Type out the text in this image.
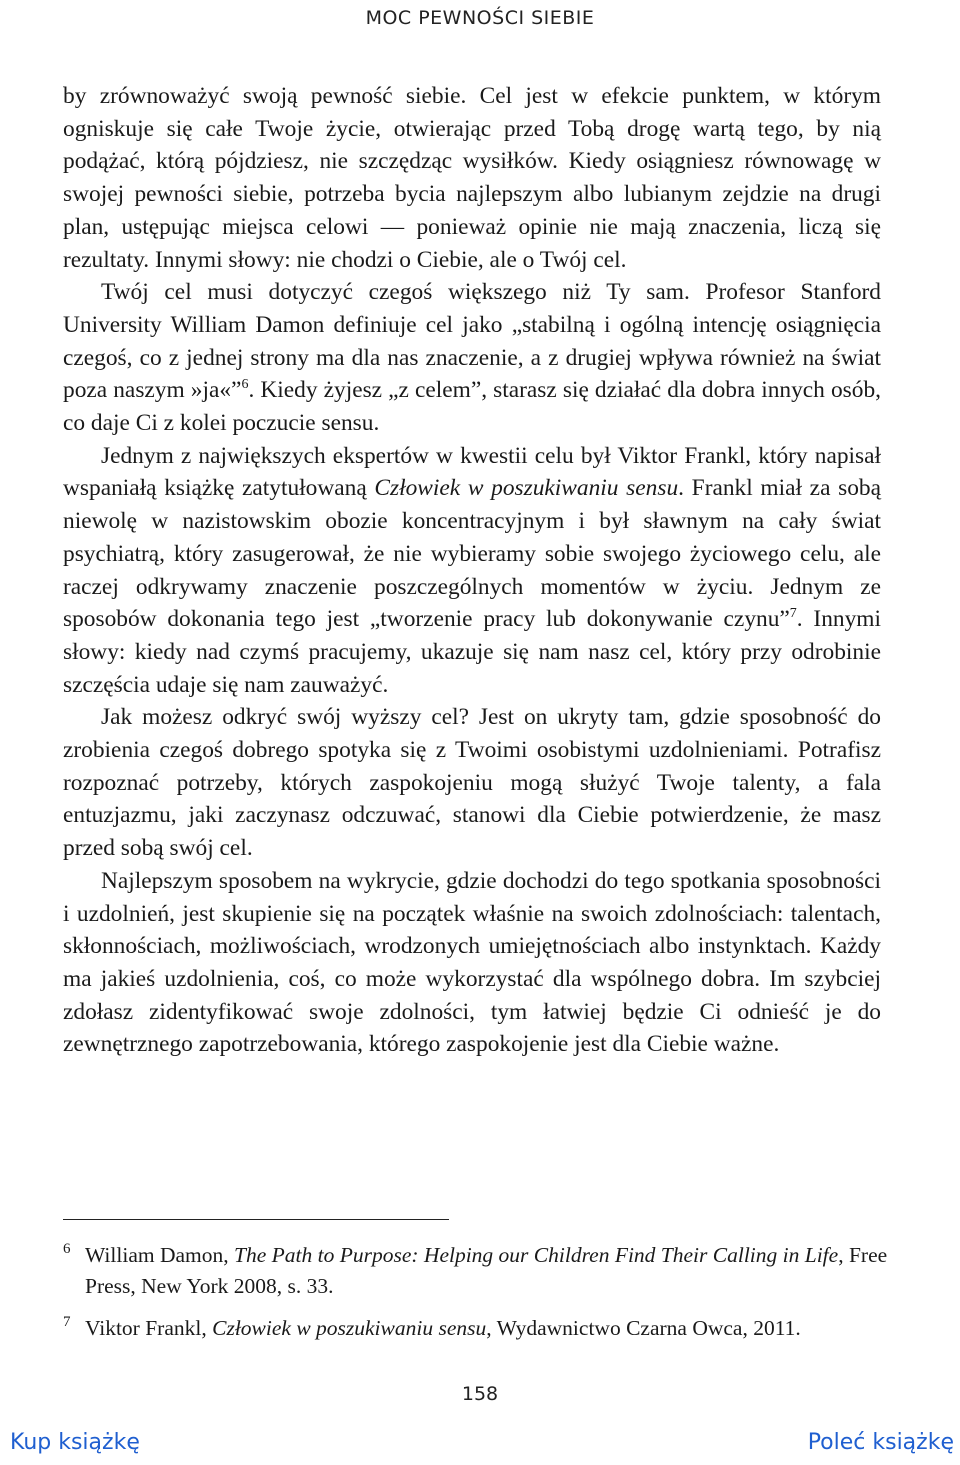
MOC PEWNOŚCI SIEBIE

by zrównoważyć swoją pewność siebie. Cel jest w efekcie punktem, w którym ogniskuje się całe Twoje życie, otwierając przed Tobą drogę wartą tego, by nią podążać, którą pójdziesz, nie szczędząc wysiłków. Kiedy osiągniesz równowagę w swojej pewności siebie, potrzeba bycia najlepszym albo lubianym zejdzie na drugi plan, ustępując miejsca celowi — ponieważ opinie nie mają znaczenia, liczą się rezultaty. Innymi słowy: nie chodzi o Ciebie, ale o Twój cel.

Twój cel musi dotyczyć czegoś większego niż Ty sam. Profesor Stanford University William Damon definiuje cel jako „stabilną i ogólną intencję osiągnięcia czegoś, co z jednej strony ma dla nas znaczenie, a z drugiej wpływa również na świat poza naszym »ja«”$^6$. Kiedy żyjesz „z celem”, starasz się działać dla dobra innych osób, co daje Ci z kolei poczucie sensu.

Jednym z największych ekspertów w kwestii celu był Viktor Frankl, który napisał wspaniałą książkę zatytułowaną Człowiek w poszukiwaniu sensu. Frankl miał za sobą niewolę w nazistowskim obozie koncentracyjnym i był sławnym na cały świat psychiatrą, który zasugerował, że nie wybieramy sobie swojego życiowego celu, ale raczej odkrywamy znaczenie poszczególnych momentów w życiu. Jednym ze sposobów dokonania tego jest „tworzenie pracy lub dokonywanie czynu”$^7$. Innymi słowy: kiedy nad czymś pracujemy, ukazuje się nam nasz cel, który przy odrobinie szczęścia udaje się nam zauważyć.

Jak możesz odkryć swój wyższy cel? Jest on ukryty tam, gdzie sposobność do zrobienia czegoś dobrego spotyka się z Twoimi osobistymi uzdolnieniami. Potrafisz rozpoznać potrzeby, których zaspokojeniu mogą służyć Twoje talenty, a fala entuzjazmu, jaki zaczynasz odczuwać, stanowi dla Ciebie potwierdzenie, że masz przed sobą swój cel.

Najlepszym sposobem na wykrycie, gdzie dochodzi do tego spotkania sposobności i uzdolnień, jest skupienie się na początek właśnie na swoich zdolnościach: talentach, skłonnościach, możliwościach, wrodzonych umiejętnościach albo instynktach. Każdy ma jakieś uzdolnienia, coś, co może wykorzystać dla wspólnego dobra. Im szybciej zdołasz zidentyfikować swoje zdolności, tym łatwiej będzie Ci odnieść je do zewnętrznego zapotrzebowania, którego zaspokojenie jest dla Ciebie ważne.

6 William Damon, The Path to Purpose: Helping our Children Find Their Calling in Life, Free Press, New York 2008, s. 33.
7 Viktor Frankl, Człowiek w poszukiwaniu sensu, Wydawnictwo Czarna Owca, 2011.
158
Kup książkę	Poleć książkę
